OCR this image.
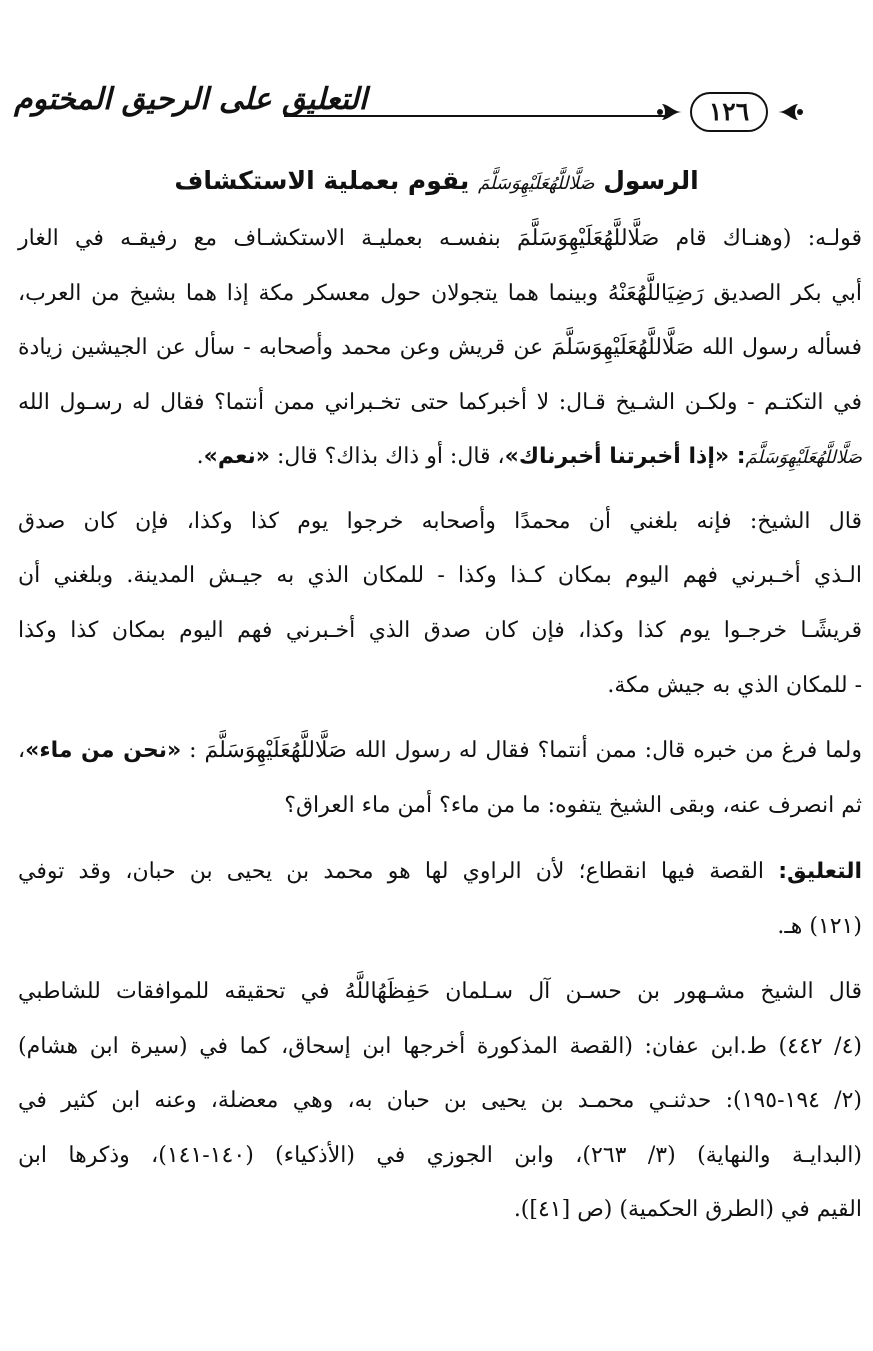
التعليق على الرحيق المختوم	١٢٦
الرسول صَلَّاللَّهُعَلَيْهِوَسَلَّمَ يقوم بعملية الاستكشاف
قولـه: (وهنـاك قام صَلَّاللَّهُعَلَيْهِوَسَلَّمَ بنفسـه بعمليـة الاستكشـاف مع رفيقـه في الغار
أبي بكر الصديق رَضِيَاللَّهُعَنْهُ وبينما هما يتجولان حول معسكر مكة إذا هما بشيخ من العرب،
فسأله رسول الله صَلَّاللَّهُعَلَيْهِوَسَلَّمَ عن قريش وعن محمد وأصحابه - سأل عن الجيشين زيادة
في التكتـم - ولكـن الشـيخ قـال: لا أخبركما حتى تخـبراني ممن أنتما؟ فقال له رسـول الله
صَلَّاللَّهُعَلَيْهِوَسَلَّمَ: «إذا أخبرتنا أخبرناك»، قال: أو ذاك بذاك؟ قال: «نعم».
قال الشيخ: فإنه بلغني أن محمدًا وأصحابه خرجوا يوم كذا وكذا، فإن كان صدق
الـذي أخـبرني فهم اليوم بمكان كـذا وكذا - للمكان الذي به جيـش المدينة. وبلغني أن
قريشًـا خرجـوا يوم كذا وكذا، فإن كان صدق الذي أخـبرني فهم اليوم بمكان كذا وكذا
- للمكان الذي به جيش مكة.
ولما فرغ من خبره قال: ممن أنتما؟ فقال له رسول الله صَلَّاللَّهُعَلَيْهِوَسَلَّمَ : «نحن من ماء»،
ثم انصرف عنه، وبقى الشيخ يتفوه: ما من ماء؟ أمن ماء العراق؟
التعليق: القصة فيها انقطاع؛ لأن الراوي لها هو محمد بن يحيى بن حبان، وقد توفي
(١٢١) هـ.
قال الشيخ مشـهور بن حسـن آل سـلمان حَفِظَهُاللَّهُ في تحقيقه للموافقات للشاطبي
(٤/ ٤٤٢) ط.ابن عفان: (القصة المذكورة أخرجها ابن إسحاق، كما في (سيرة ابن هشام)
(٢/ ١٩٤-١٩٥): حدثنـي محمـد بن يحيى بن حبان به، وهي معضلة، وعنه ابن كثير في
(البدايـة والنهاية) (٣/ ٢٦٣)، وابن الجوزي في (الأذكياء) (١٤٠-١٤١)، وذكرها ابن
القيم في (الطرق الحكمية) (ص [٤١]).
